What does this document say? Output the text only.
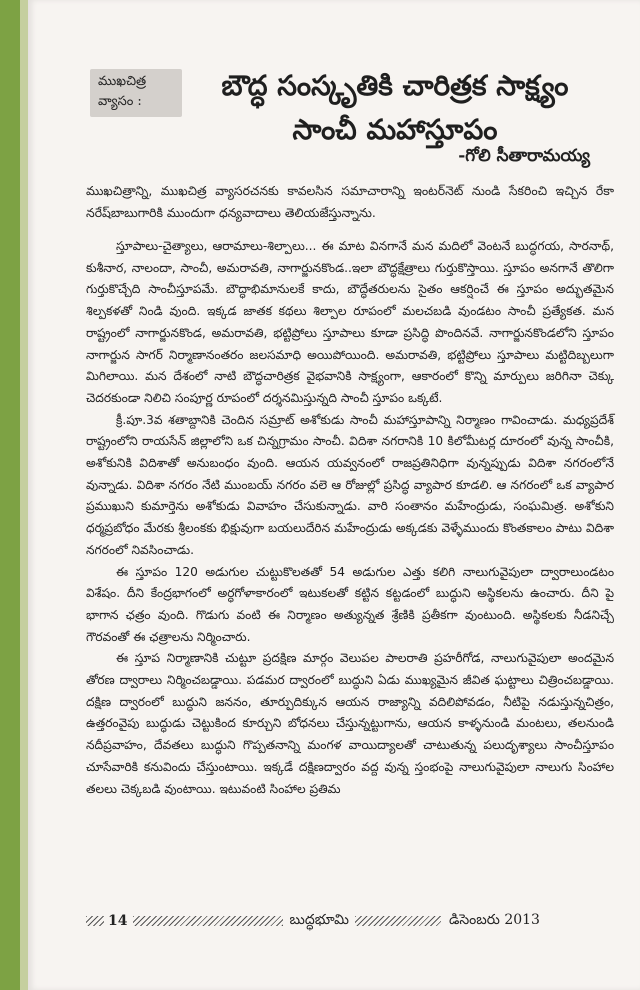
ముఖచిత్ర
వ్యాసం :	బౌద్ధ సంస్కృతికి చారిత్రక సాక్ష్యం
సాంచీ మహాస్తూపం
-గోలి సీతారామయ్య
ముఖచిత్రాన్ని, ముఖచిత్ర వ్యాసరచనకు కావలసిన సమాచారాన్ని ఇంటర్‌నెట్ నుండి సేకరించి ఇచ్చిన రేకా నరేష్‌బాబుగారికి ముందుగా ధన్యవాదాలు తెలియజేస్తున్నాను.

స్తూపాలు-చైత్యాలు, ఆరామాలు-శిల్పాలు... ఈ మాట వినగానే మన మదిలో వెంటనే బుద్ధగయ, సారనాథ్, కుశీనార, నాలందా, సాంచీ, అమరావతి, నాగార్జునకొండ..ఇలా బౌద్ధక్షేత్రాలు గుర్తుకొస్తాయి. స్తూపం అనగానే తొలిగా గుర్తుకొచ్చేది సాంచీస్తూపమే. బౌద్ధాభిమానులకే కాదు, బౌద్ధేతరులను సైతం ఆకర్షించే ఈ స్తూపం అద్భుతమైన శిల్పకళతో నిండి వుంది. ఇక్కడ జాతక కథలు శిల్పాల రూపంలో మలచబడి వుండటం సాంచీ ప్రత్యేకత. మన రాష్ట్రంలో నాగార్జునకొండ, అమరావతి, భట్టిప్రోలు స్తూపాలు కూడా ప్రసిద్ధి పొందినవే. నాగార్జునకొండలోని స్తూపం నాగార్జున సాగర్ నిర్మాణానంతరం జలసమాధి అయిపోయింది. అమరావతి, భట్టిప్రోలు స్తూపాలు మట్టిదిబ్బలుగా మిగిలాయి. మన దేశంలో నాటి బౌద్ధచారిత్రక వైభవానికి సాక్ష్యంగా, ఆకారంలో కొన్ని మార్పులు జరిగినా చెక్కు చెదరకుండా నిలిచి సంపూర్ణ రూపంలో దర్శనమిస్తున్నది సాంచీ స్తూపం ఒక్కటే.

క్రీ.పూ.3వ శతాబ్దానికి చెందిన సమ్రాట్ అశోకుడు సాంచీ మహాస్తూపాన్ని నిర్మాణం గావించాడు. మధ్యప్రదేశ్ రాష్ట్రంలోని రాయసేన్ జిల్లాలోని ఒక చిన్నగ్రామం సాంచీ. విదిశా నగరానికి 10 కిలోమీటర్ల దూరంలో వున్న సాంచీకి, అశోకునికి విదిశాతో అనుబంధం వుంది. ఆయన యవ్వనంలో రాజప్రతినిధిగా వున్నప్పుడు విదిశా నగరంలోనే వున్నాడు. విదిశా నగరం నేటి ముంబయ్ నగరం వలె ఆ రోజుల్లో ప్రసిద్ధ వ్యాపార కూడలి. ఆ నగరంలో ఒక వ్యాపార ప్రముఖుని కుమార్తెను అశోకుడు వివాహం చేసుకున్నాడు. వారి సంతానం మహేంద్రుడు, సంఘమిత్ర. అశోకుని ధర్మప్రబోధం మేరకు శ్రీలంకకు భిక్షువుగా బయలుదేరిన మహేంద్రుడు అక్కడకు వెళ్ళేముందు కొంతకాలం పాటు విదిశా నగరంలో నివసించాడు.

ఈ స్తూపం 120 అడుగుల చుట్టుకొలతతో 54 అడుగుల ఎత్తు కలిగి నాలుగువైపులా ద్వారాలుండటం విశేషం. దీని కేంద్రభాగంలో అర్ధగోళాకారంలో ఇటుకలతో కట్టిన కట్టడంలో బుద్ధుని అస్థికలను ఉంచారు. దీని పై భాగాన ఛత్రం వుంది. గొడుగు వంటి ఈ నిర్మాణం అత్యున్నత శ్రేణికి ప్రతీకగా వుంటుంది. అస్థికలకు నీడనిచ్చే గౌరవంతో ఈ ఛత్రాలను నిర్మించారు.

ఈ స్తూప నిర్మాణానికి చుట్టూ ప్రదక్షిణ మార్గం వెలుపల పాలరాతి ప్రహరీగోడ, నాలుగువైపులా అందమైన తోరణ ద్వారాలు నిర్మించబడ్డాయి. పడమర ద్వారంలో బుద్ధుని ఏడు ముఖ్యమైన జీవిత ఘట్టాలు చిత్రించబడ్డాయి. దక్షిణ ద్వారంలో బుద్ధుని జననం, తూర్పుదిక్కున ఆయన రాజ్యాన్ని వదిలిపోవడం, నీటిపై నడుస్తున్నచిత్రం, ఉత్తరంవైపు బుద్ధుడు చెట్టుకింద కూర్చుని బోధనలు చేస్తున్నట్టుగాను, ఆయన కాళ్ళనుండి మంటలు, తలనుండి నదీప్రవాహం, దేవతలు బుద్ధుని గొప్పతనాన్ని మంగళ వాయిద్యాలతో చాటుతున్న పలుదృశ్యాలు సాంచీస్తూపం చూసేవారికి కనువిందు చేస్తుంటాయి. ఇక్కడే దక్షిణద్వారం వద్ద వున్న స్తంభంపై నాలుగువైపులా నాలుగు సింహాల తలలు చెక్కబడి వుంటాయి. ఇటువంటి సింహాల ప్రతిమ

14	బుద్ధభూమి	డిసెంబరు 2013
